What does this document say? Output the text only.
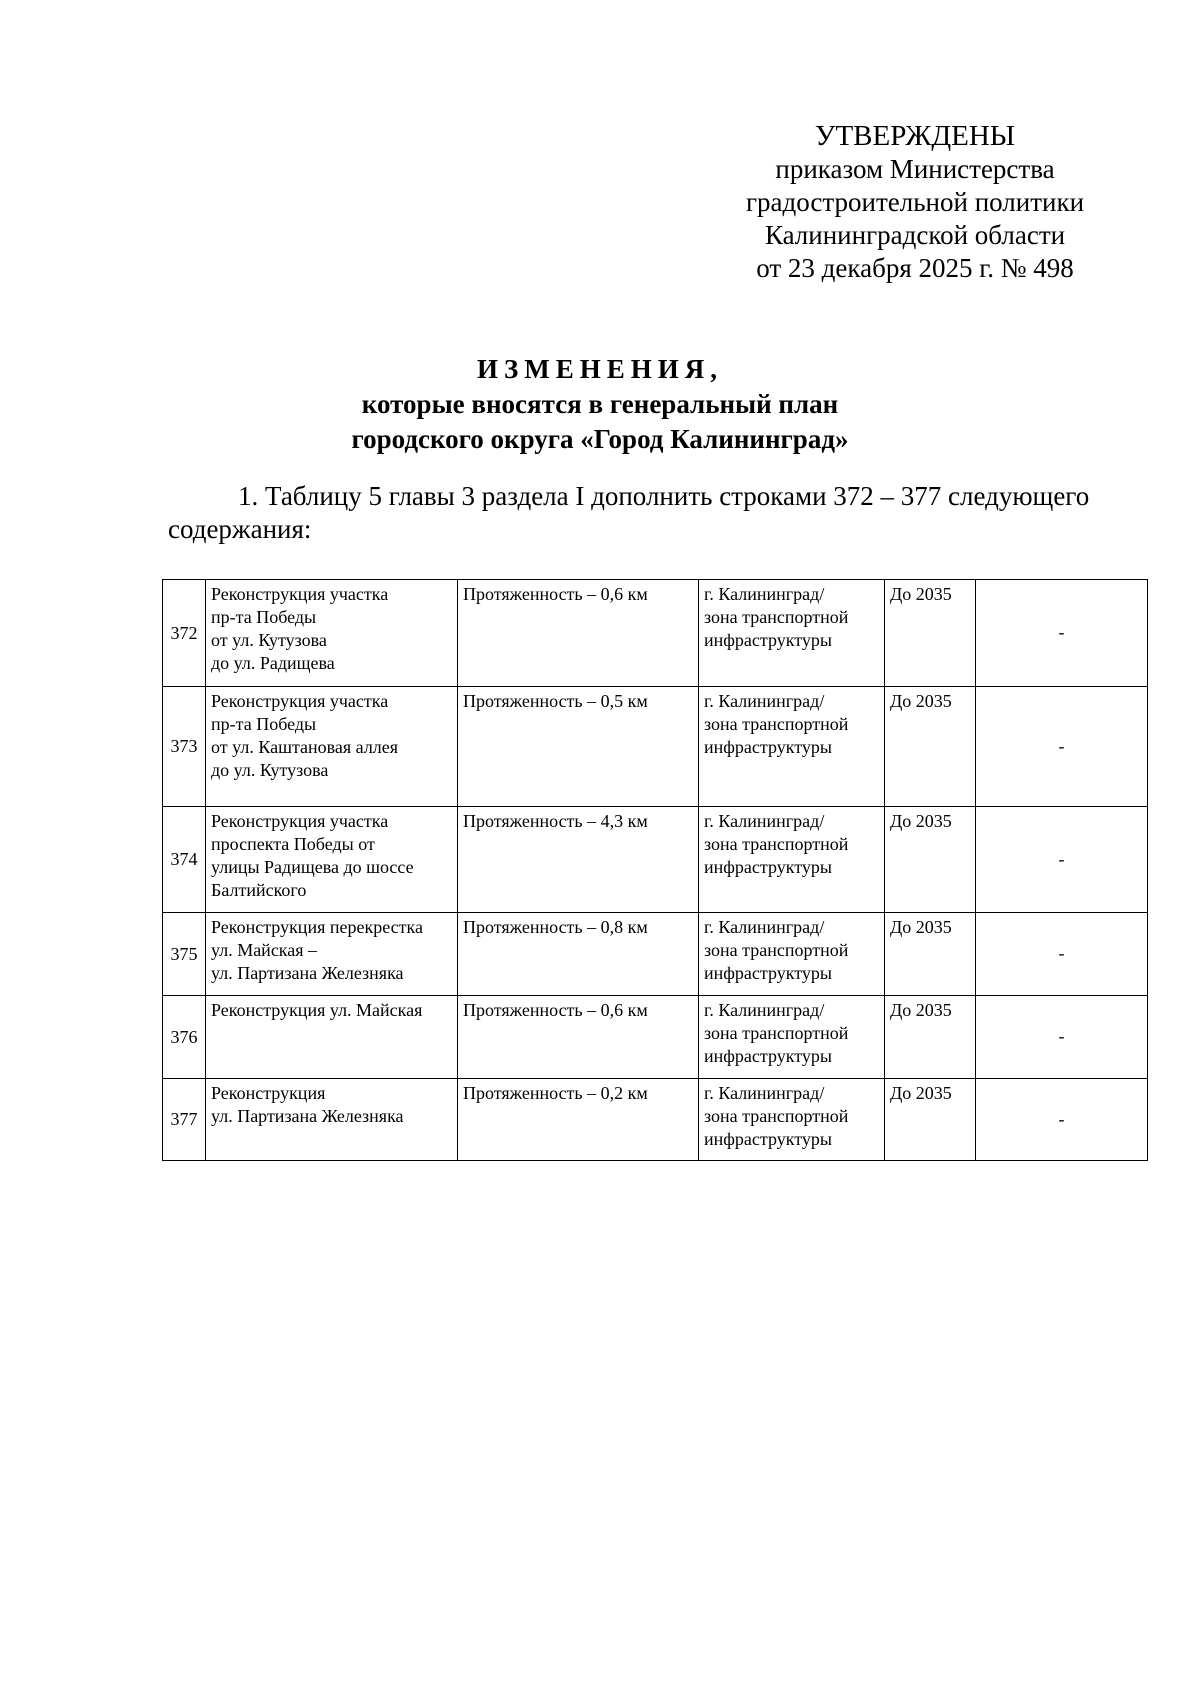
УТВЕРЖДЕНЫ
приказом Министерства
градостроительной политики
Калининградской области
от 23 декабря 2025 г. № 498
ИЗМЕНЕНИЯ,
которые вносятся в генеральный план
городского округа «Город Калининград»
1. Таблицу 5 главы 3 раздела I дополнить строками 372 – 377 следующего
содержания:
372	Реконструкция участка
пр-та Победы
от ул. Кутузова
до ул. Радищева	Протяженность – 0,6 км	г. Калининград/
зона транспортной
инфраструктуры	До 2035	-
373	Реконструкция участка
пр-та Победы
от ул. Каштановая аллея
до ул. Кутузова	Протяженность – 0,5 км	г. Калининград/
зона транспортной
инфраструктуры	До 2035	-
374	Реконструкция участка
проспекта Победы от
улицы Радищева до шоссе
Балтийского	Протяженность – 4,3 км	г. Калининград/
зона транспортной
инфраструктуры	До 2035	-
375	Реконструкция перекрестка
ул. Майская –
ул. Партизана Железняка	Протяженность – 0,8 км	г. Калининград/
зона транспортной
инфраструктуры	До 2035	-
376	Реконструкция ул. Майская	Протяженность – 0,6 км	г. Калининград/
зона транспортной
инфраструктуры	До 2035	-
377	Реконструкция
ул. Партизана Железняка	Протяженность – 0,2 км	г. Калининград/
зона транспортной
инфраструктуры	До 2035	-
